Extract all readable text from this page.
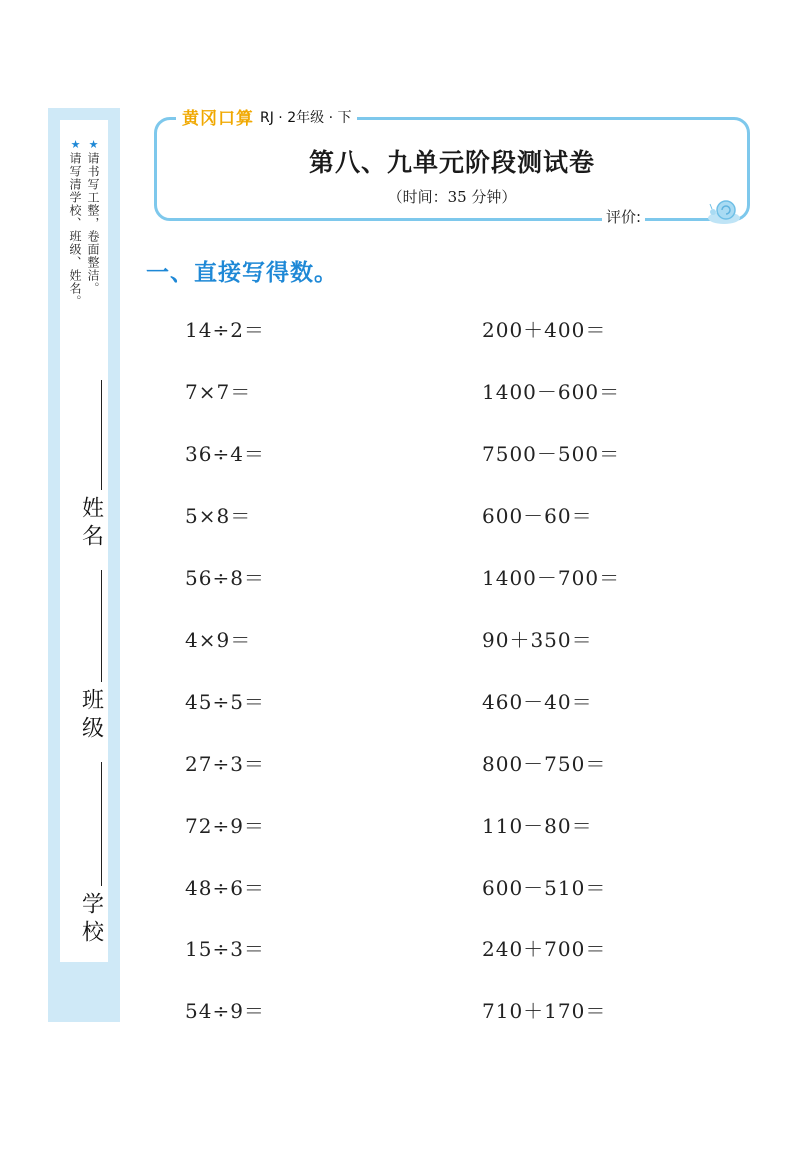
★请写清学校、班级、姓名。
★请书写工整，卷面整洁。
姓名
班级
学校
黄冈口算 RJ · 2年级 · 下
第八、九单元阶段测试卷
（时间：35 分钟）
评价:
一、直接写得数。
14÷2＝
7×7＝
36÷4＝
5×8＝
56÷8＝
4×9＝
45÷5＝
27÷3＝
72÷9＝
48÷6＝
15÷3＝
54÷9＝
200＋400＝
1400－600＝
7500－500＝
600－60＝
1400－700＝
90＋350＝
460－40＝
800－750＝
110－80＝
600－510＝
240＋700＝
710＋170＝
